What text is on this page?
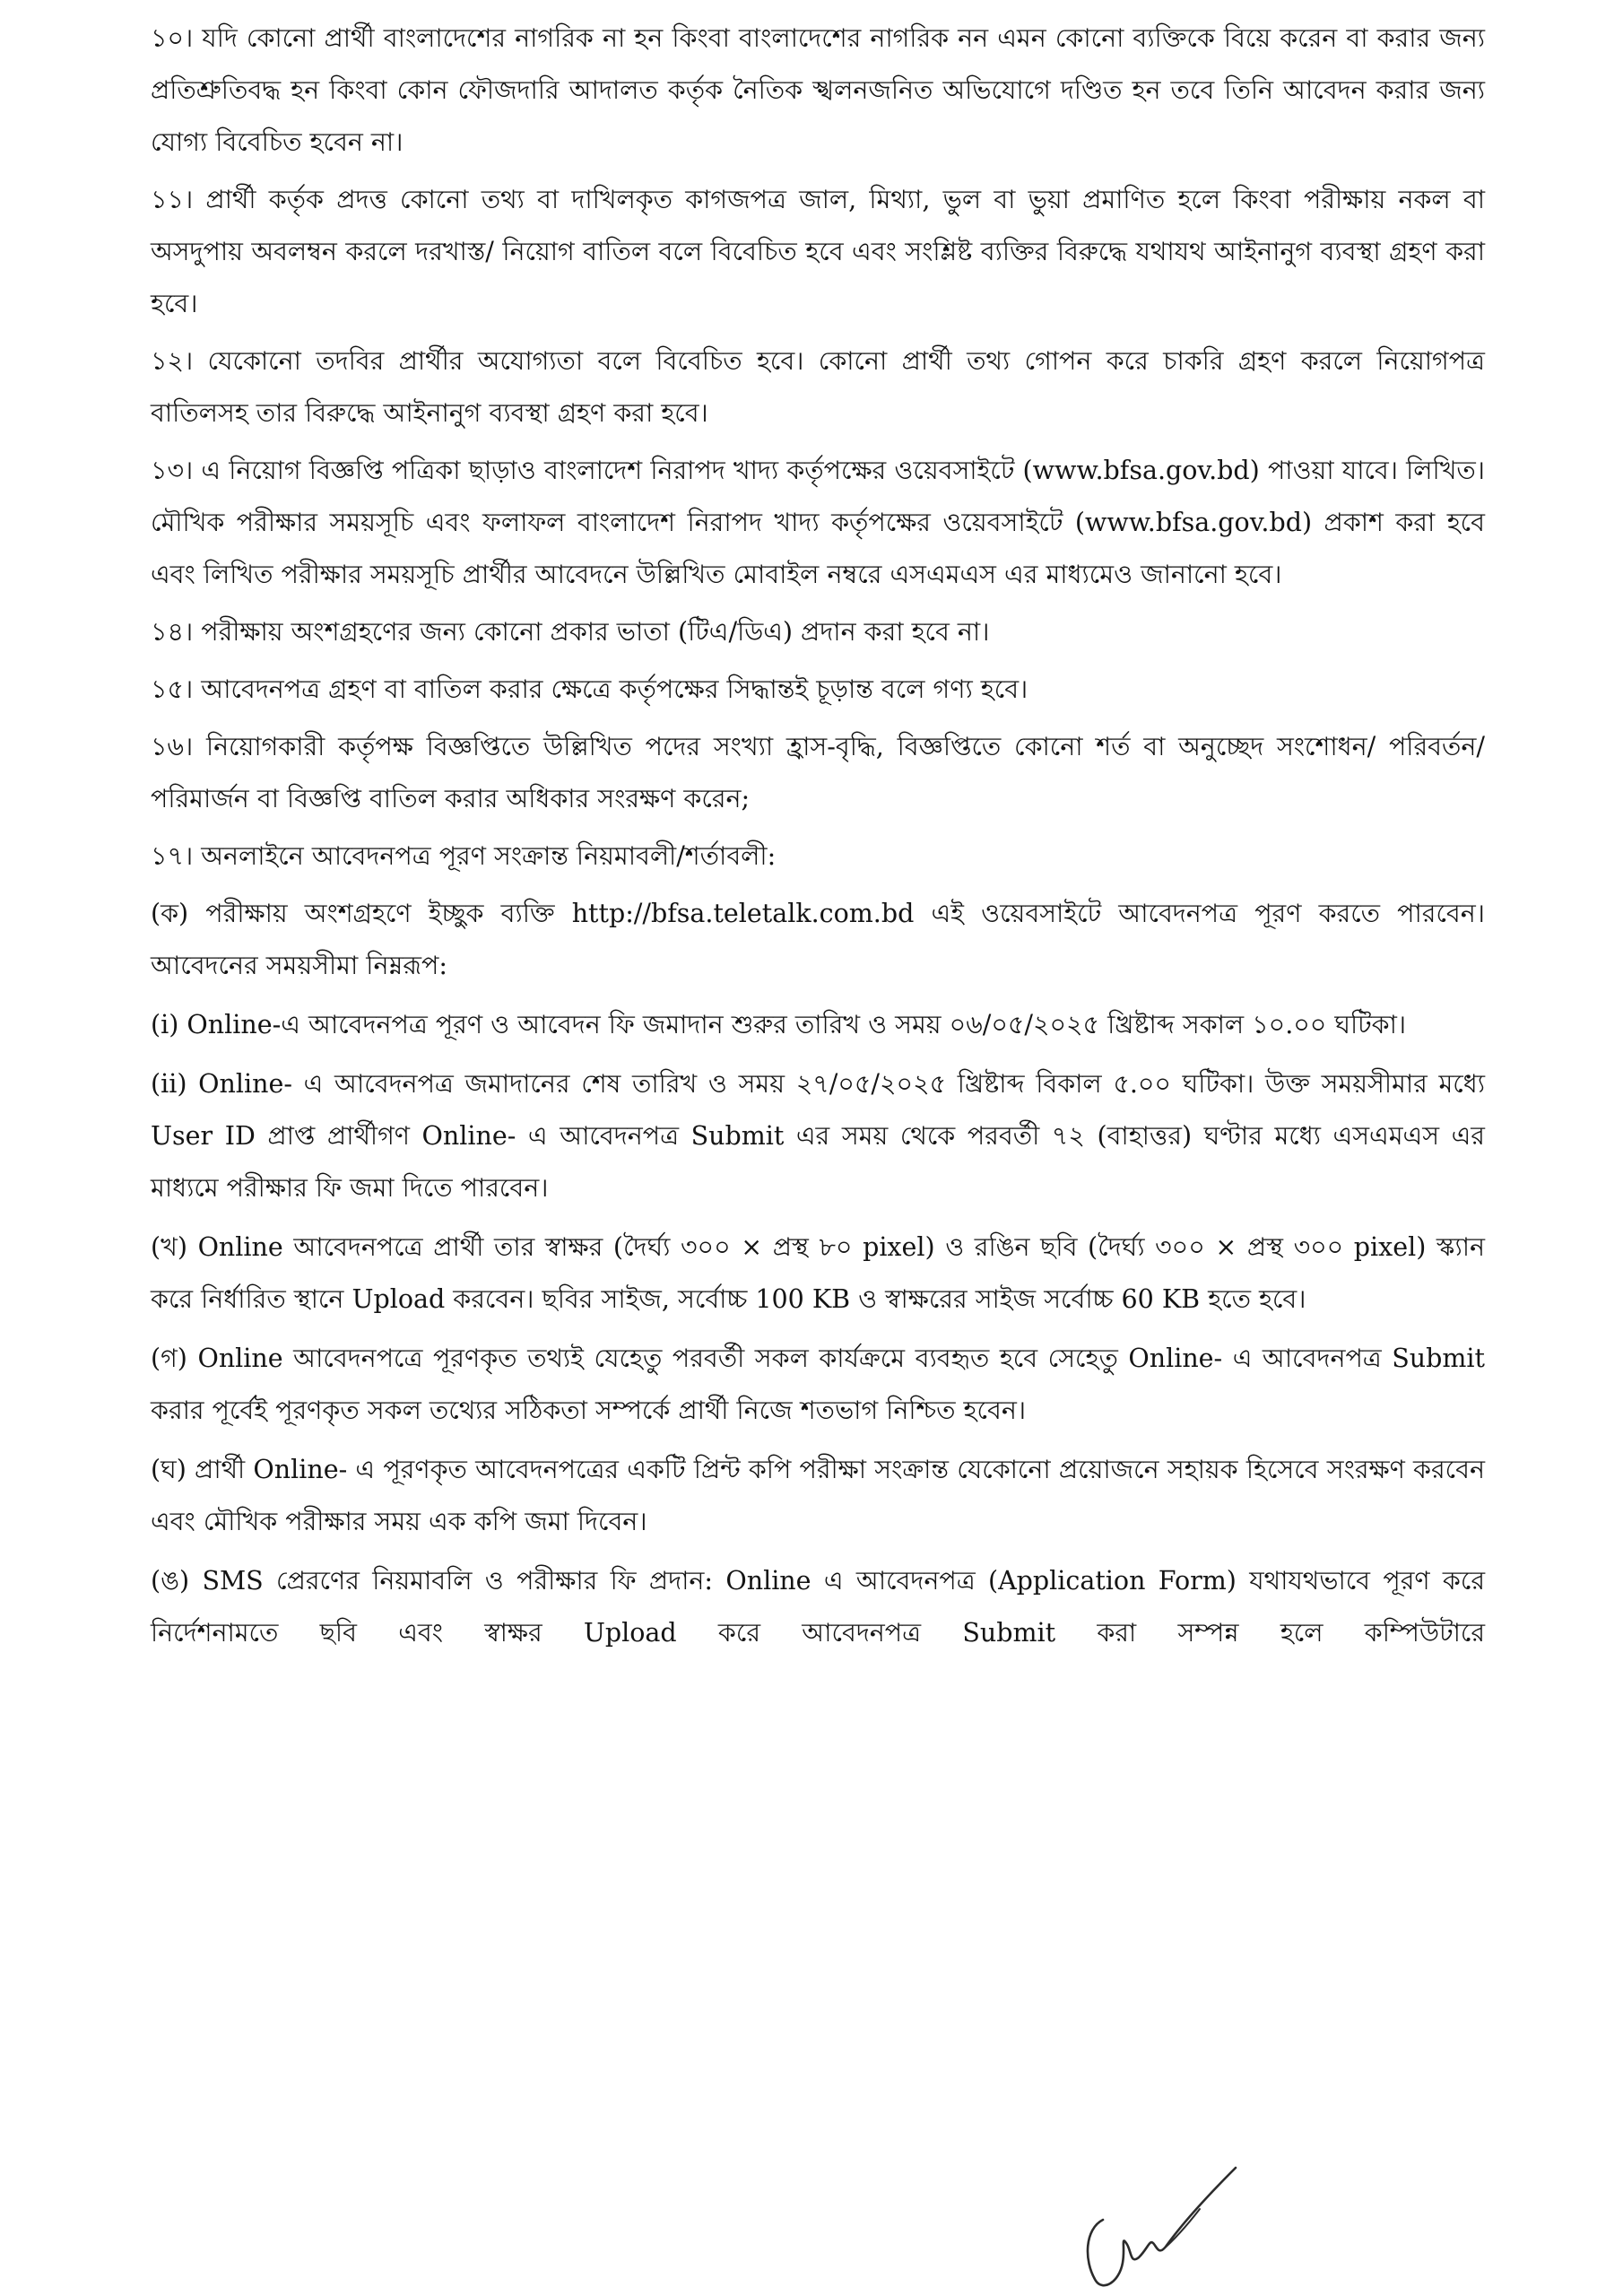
১০। যদি কোনো প্রার্থী বাংলাদেশের নাগরিক না হন কিংবা বাংলাদেশের নাগরিক নন এমন কোনো ব্যক্তিকে বিয়ে করেন বা করার জন্য প্রতিশ্রুতিবদ্ধ হন কিংবা কোন ফৌজদারি আদালত কর্তৃক নৈতিক স্খলনজনিত অভিযোগে দণ্ডিত হন তবে তিনি আবেদন করার জন্য যোগ্য বিবেচিত হবেন না।

১১। প্রার্থী কর্তৃক প্রদত্ত কোনো তথ্য বা দাখিলকৃত কাগজপত্র জাল, মিথ্যা, ভুল বা ভুয়া প্রমাণিত হলে কিংবা পরীক্ষায় নকল বা অসদুপায় অবলম্বন করলে দরখাস্ত/ নিয়োগ বাতিল বলে বিবেচিত হবে এবং সংশ্লিষ্ট ব্যক্তির বিরুদ্ধে যথাযথ আইনানুগ ব্যবস্থা গ্রহণ করা হবে।

১২। যেকোনো তদবির প্রার্থীর অযোগ্যতা বলে বিবেচিত হবে। কোনো প্রার্থী তথ্য গোপন করে চাকরি গ্রহণ করলে নিয়োগপত্র বাতিলসহ তার বিরুদ্ধে আইনানুগ ব্যবস্থা গ্রহণ করা হবে।

১৩। এ নিয়োগ বিজ্ঞপ্তি পত্রিকা ছাড়াও বাংলাদেশ নিরাপদ খাদ্য কর্তৃপক্ষের ওয়েবসাইটে (www.bfsa.gov.bd) পাওয়া যাবে। লিখিত। মৌখিক পরীক্ষার সময়সূচি এবং ফলাফল বাংলাদেশ নিরাপদ খাদ্য কর্তৃপক্ষের ওয়েবসাইটে (www.bfsa.gov.bd) প্রকাশ করা হবে এবং লিখিত পরীক্ষার সময়সূচি প্রার্থীর আবেদনে উল্লিখিত মোবাইল নম্বরে এসএমএস এর মাধ্যমেও জানানো হবে।

১৪। পরীক্ষায় অংশগ্রহণের জন্য কোনো প্রকার ভাতা (টিএ/ডিএ) প্রদান করা হবে না।

১৫। আবেদনপত্র গ্রহণ বা বাতিল করার ক্ষেত্রে কর্তৃপক্ষের সিদ্ধান্তই চূড়ান্ত বলে গণ্য হবে।

১৬। নিয়োগকারী কর্তৃপক্ষ বিজ্ঞপ্তিতে উল্লিখিত পদের সংখ্যা হ্রাস-বৃদ্ধি, বিজ্ঞপ্তিতে কোনো শর্ত বা অনুচ্ছেদ সংশোধন/ পরিবর্তন/ পরিমার্জন বা বিজ্ঞপ্তি বাতিল করার অধিকার সংরক্ষণ করেন;

১৭। অনলাইনে আবেদনপত্র পূরণ সংক্রান্ত নিয়মাবলী/শর্তাবলী:

(ক) পরীক্ষায় অংশগ্রহণে ইচ্ছুক ব্যক্তি http://bfsa.teletalk.com.bd এই ওয়েবসাইটে আবেদনপত্র পূরণ করতে পারবেন। আবেদনের সময়সীমা নিম্নরূপ:

(i) Online-এ আবেদনপত্র পূরণ ও আবেদন ফি জমাদান শুরুর তারিখ ও সময় ০৬/০৫/২০২৫ খ্রিষ্টাব্দ সকাল ১০.০০ ঘটিকা।

(ii) Online- এ আবেদনপত্র জমাদানের শেষ তারিখ ও সময় ২৭/০৫/২০২৫ খ্রিষ্টাব্দ বিকাল ৫.০০ ঘটিকা। উক্ত সময়সীমার মধ্যে User ID প্রাপ্ত প্রার্থীগণ Online- এ আবেদনপত্র Submit এর সময় থেকে পরবর্তী ৭২ (বাহাত্তর) ঘণ্টার মধ্যে এসএমএস এর মাধ্যমে পরীক্ষার ফি জমা দিতে পারবেন।

(খ) Online আবেদনপত্রে প্রার্থী তার স্বাক্ষর (দৈর্ঘ্য ৩০০ × প্রস্থ ৮০ pixel) ও রঙিন ছবি (দৈর্ঘ্য ৩০০ × প্রস্থ ৩০০ pixel) স্ক্যান করে নির্ধারিত স্থানে Upload করবেন। ছবির সাইজ, সর্বোচ্চ 100 KB ও স্বাক্ষরের সাইজ সর্বোচ্চ 60 KB হতে হবে।

(গ) Online আবেদনপত্রে পূরণকৃত তথ্যই যেহেতু পরবর্তী সকল কার্যক্রমে ব্যবহৃত হবে সেহেতু Online- এ আবেদনপত্র Submit করার পূর্বেই পূরণকৃত সকল তথ্যের সঠিকতা সম্পর্কে প্রার্থী নিজে শতভাগ নিশ্চিত হবেন।

(ঘ) প্রার্থী Online- এ পূরণকৃত আবেদনপত্রের একটি প্রিন্ট কপি পরীক্ষা সংক্রান্ত যেকোনো প্রয়োজনে সহায়ক হিসেবে সংরক্ষণ করবেন এবং মৌখিক পরীক্ষার সময় এক কপি জমা দিবেন।

(ঙ) SMS প্রেরণের নিয়মাবলি ও পরীক্ষার ফি প্রদান: Online এ আবেদনপত্র (Application Form) যথাযথভাবে পূরণ করে নির্দেশনামতে ছবি এবং স্বাক্ষর Upload করে আবেদনপত্র Submit করা সম্পন্ন হলে কম্পিউটারে
